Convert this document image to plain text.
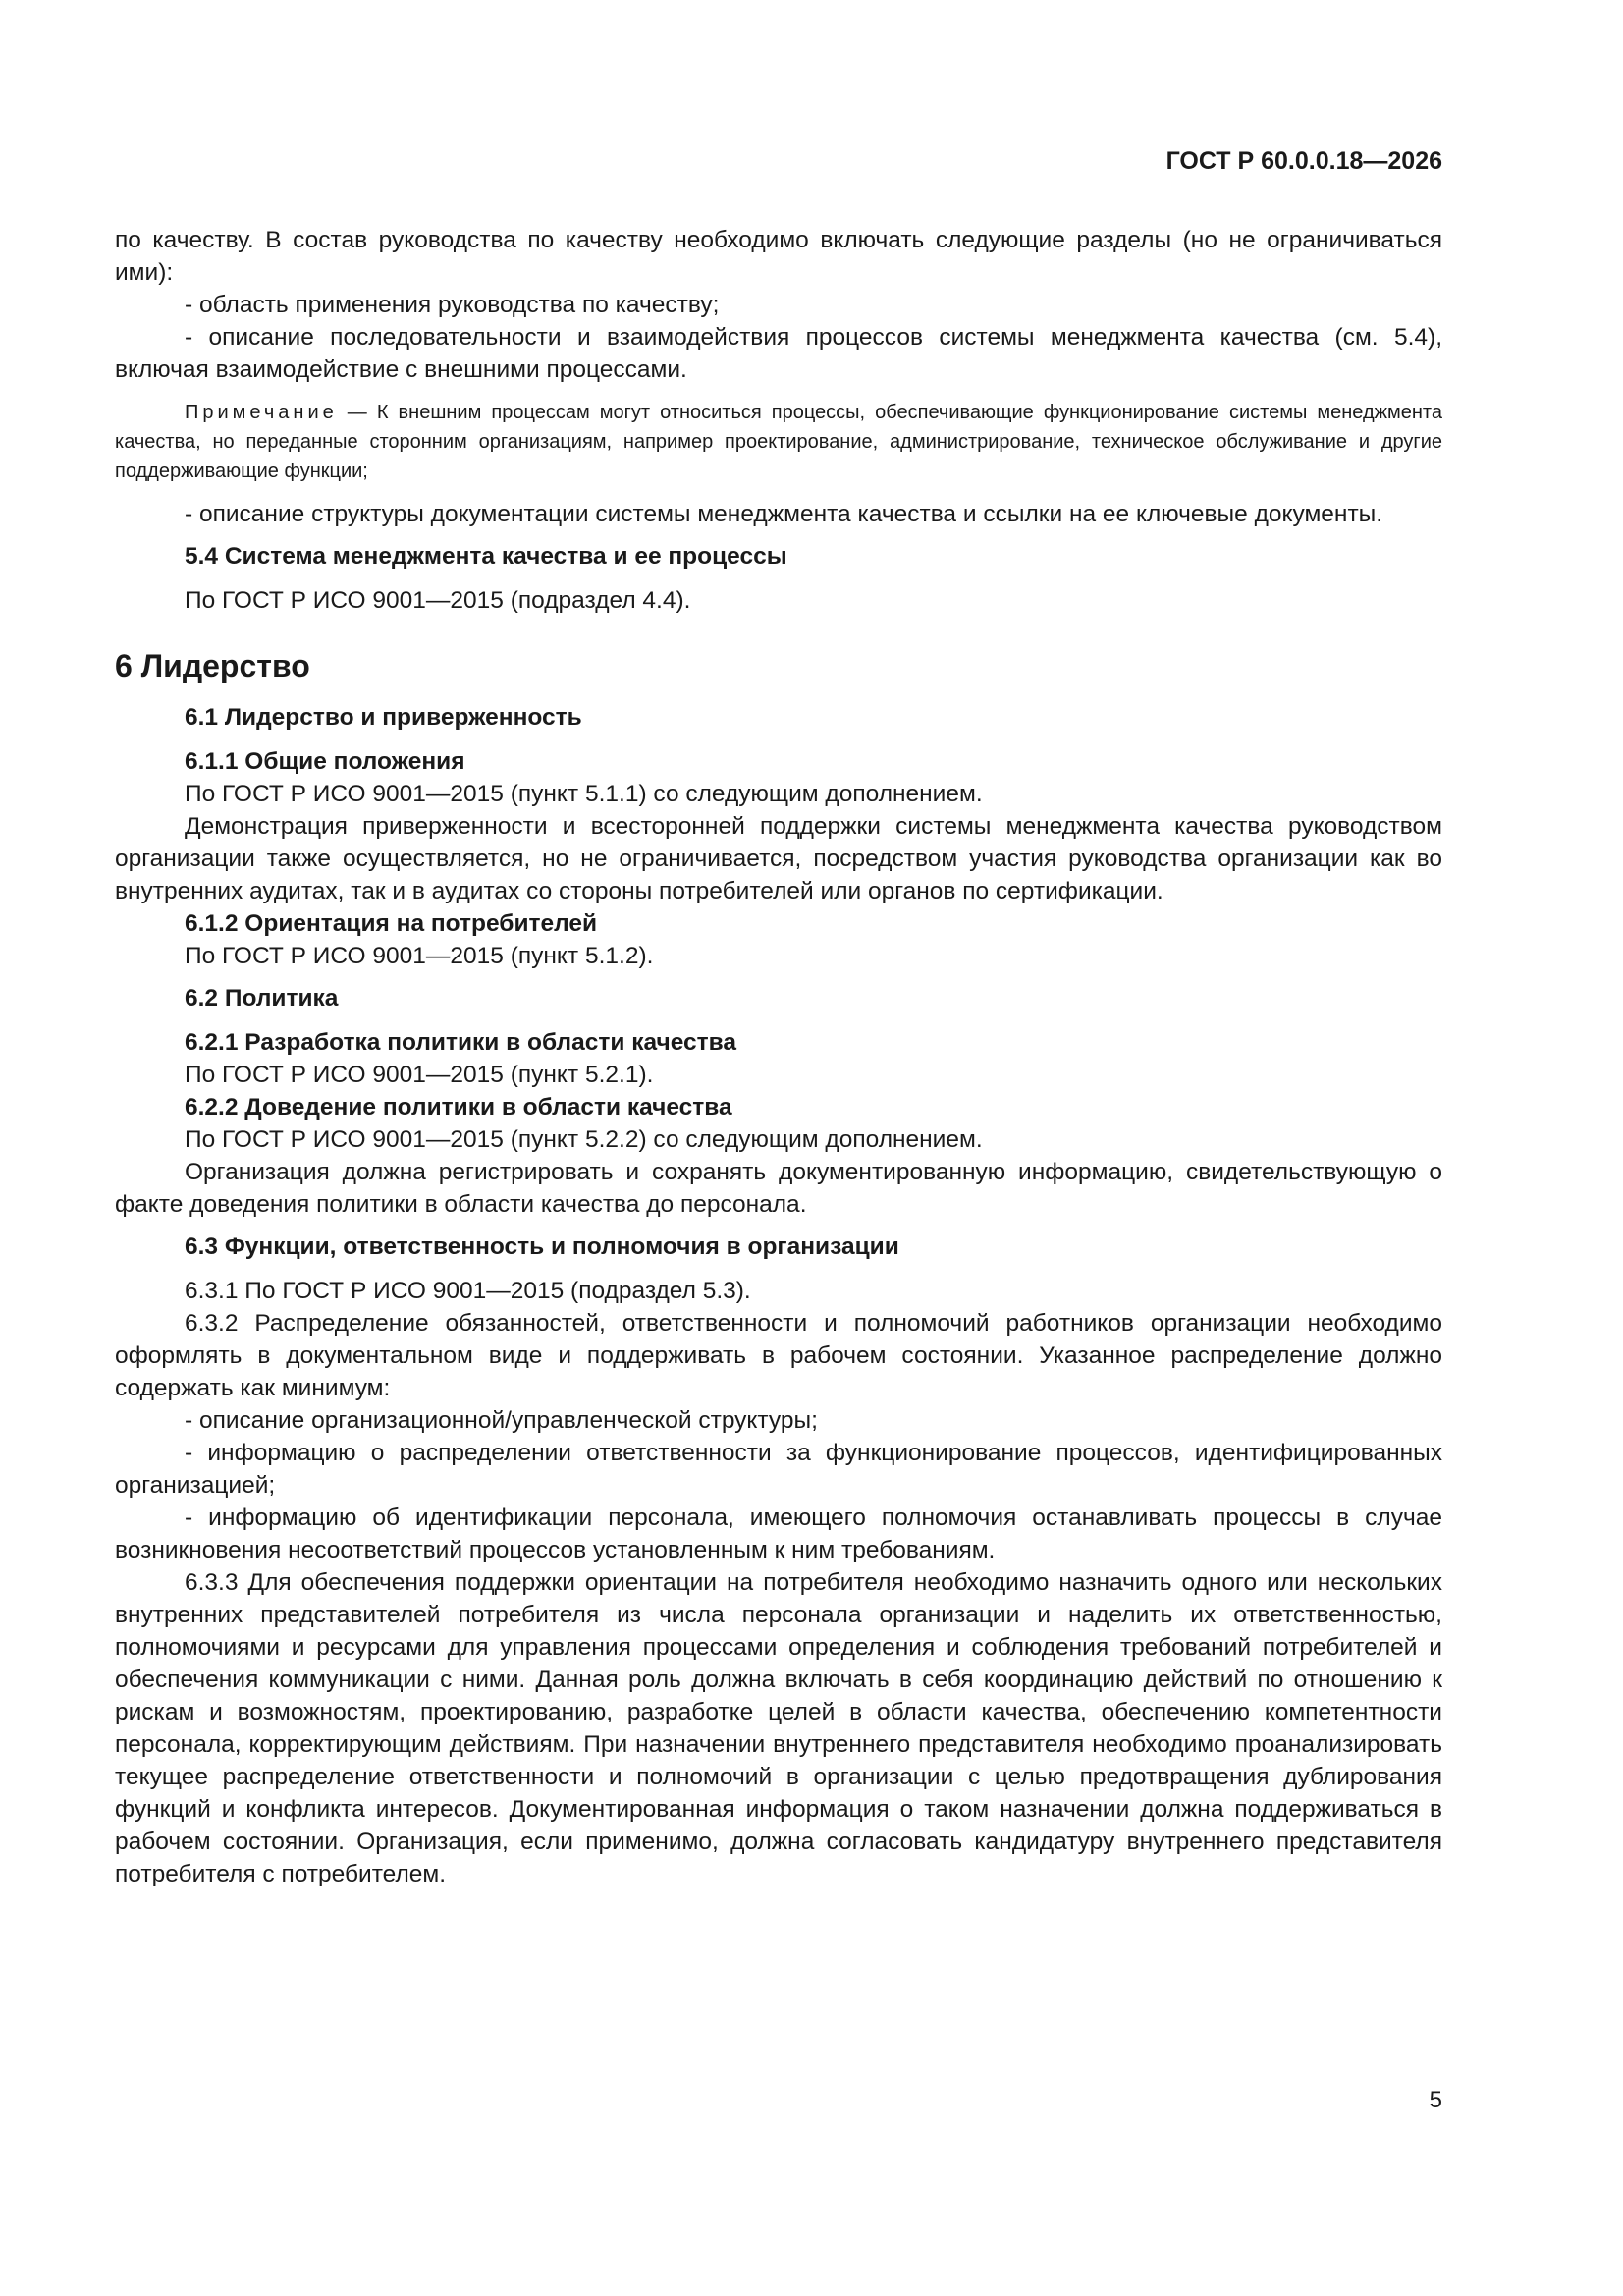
ГОСТ Р 60.0.0.18—2026

по качеству. В состав руководства по качеству необходимо включать следующие разделы (но не ограничиваться ими):

- область применения руководства по качеству;

- описание последовательности и взаимодействия процессов системы менеджмента качества (см. 5.4), включая взаимодействие с внешними процессами.

Примечание — К внешним процессам могут относиться процессы, обеспечивающие функционирование системы менеджмента качества, но переданные сторонним организациям, например проектирование, администрирование, техническое обслуживание и другие поддерживающие функции;

- описание структуры документации системы менеджмента качества и ссылки на ее ключевые документы.

5.4 Система менеджмента качества и ее процессы

По ГОСТ Р ИСО 9001—2015 (подраздел 4.4).

6 Лидерство
6.1 Лидерство и приверженность
6.1.1 Общие положения

По ГОСТ Р ИСО 9001—2015 (пункт 5.1.1) со следующим дополнением.

Демонстрация приверженности и всесторонней поддержки системы менеджмента качества руководством организации также осуществляется, но не ограничивается, посредством участия руководства организации как во внутренних аудитах, так и в аудитах со стороны потребителей или органов по сертификации.

6.1.2 Ориентация на потребителей

По ГОСТ Р ИСО 9001—2015 (пункт 5.1.2).

6.2 Политика
6.2.1 Разработка политики в области качества

По ГОСТ Р ИСО 9001—2015 (пункт 5.2.1).

6.2.2 Доведение политики в области качества

По ГОСТ Р ИСО 9001—2015 (пункт 5.2.2) со следующим дополнением.

Организация должна регистрировать и сохранять документированную информацию, свидетельствующую о факте доведения политики в области качества до персонала.

6.3 Функции, ответственность и полномочия в организации

6.3.1 По ГОСТ Р ИСО 9001—2015 (подраздел 5.3).

6.3.2 Распределение обязанностей, ответственности и полномочий работников организации необходимо оформлять в документальном виде и поддерживать в рабочем состоянии. Указанное распределение должно содержать как минимум:

- описание организационной/управленческой структуры;

- информацию о распределении ответственности за функционирование процессов, идентифицированных организацией;

- информацию об идентификации персонала, имеющего полномочия останавливать процессы в случае возникновения несоответствий процессов установленным к ним требованиям.

6.3.3 Для обеспечения поддержки ориентации на потребителя необходимо назначить одного или нескольких внутренних представителей потребителя из числа персонала организации и наделить их ответственностью, полномочиями и ресурсами для управления процессами определения и соблюдения требований потребителей и обеспечения коммуникации с ними. Данная роль должна включать в себя координацию действий по отношению к рискам и возможностям, проектированию, разработке целей в области качества, обеспечению компетентности персонала, корректирующим действиям. При назначении внутреннего представителя необходимо проанализировать текущее распределение ответственности и полномочий в организации с целью предотвращения дублирования функций и конфликта интересов. Документированная информация о таком назначении должна поддерживаться в рабочем состоянии. Организация, если применимо, должна согласовать кандидатуру внутреннего представителя потребителя с потребителем.

5
